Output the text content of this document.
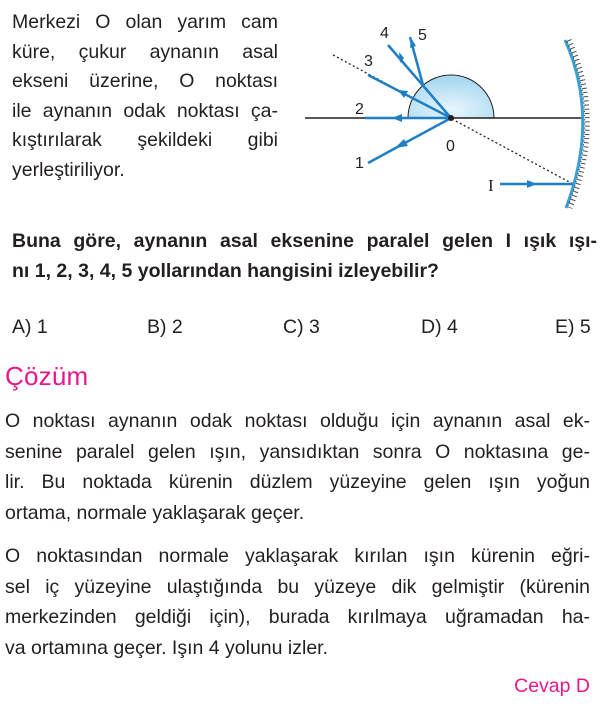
Merkezi O olan yarım cam
küre, çukur aynanın asal
ekseni üzerine, O noktası
ile aynanın odak noktası ça-
kıştırılarak şekildeki gibi
yerleştiriliyor.
4 5
3
2
1
0
I
Buna göre, aynanın asal eksenine paralel gelen I ışık ışı-
nı 1, 2, 3, 4, 5 yollarından hangisini izleyebilir?
A) 1	B) 2	C) 3	D) 4	E) 5
Çözüm
O noktası aynanın odak noktası olduğu için aynanın asal ek-
senine paralel gelen ışın, yansıdıktan sonra O noktasına ge-
lir. Bu noktada kürenin düzlem yüzeyine gelen ışın yoğun
ortama, normale yaklaşarak geçer.
O noktasından normale yaklaşarak kırılan ışın kürenin eğri-
sel iç yüzeyine ulaştığında bu yüzeye dik gelmiştir (kürenin
merkezinden geldiği için), burada kırılmaya uğramadan ha-
va ortamına geçer. Işın 4 yolunu izler.
Cevap D
